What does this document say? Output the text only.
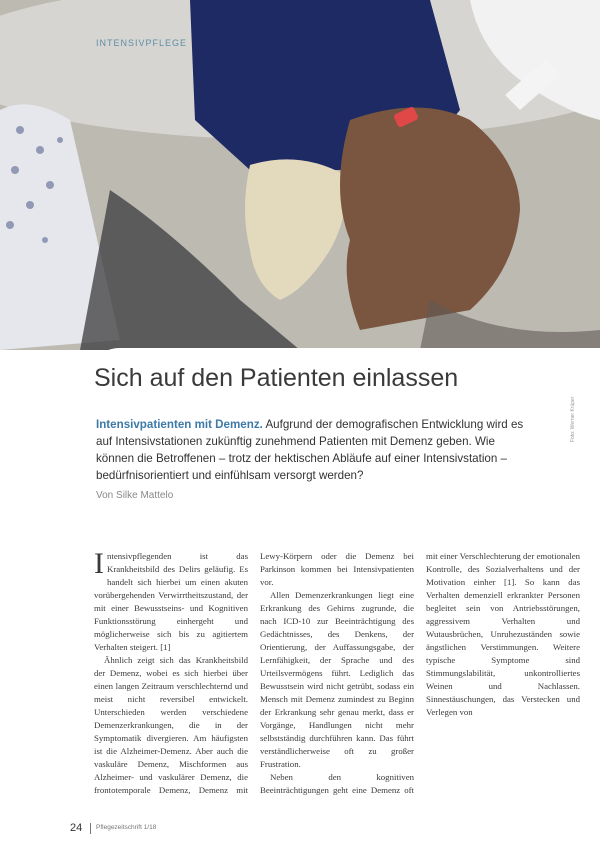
INTENSIVPFLEGE
Sich auf den Patienten einlassen

Intensivpatienten mit Demenz. Aufgrund der demografischen Entwicklung wird es auf Intensivstationen zukünftig zunehmend Patienten mit Demenz geben. Wie können die Betroffenen – trotz der hektischen Abläufe auf einer Intensivstation – bedürfnisorientiert und einfühlsam versorgt werden?

Von Silke Mattelo

Foto: Werner Krüper

Intensivpflegenden ist das Krankheitsbild des Delirs geläufig. Es handelt sich hierbei um einen akuten vorübergehenden Verwirrtheitszustand, der mit einer Bewusstseins- und Kognitiven Funktionsstörung einhergeht und möglicherweise sich bis zu agitiertem Verhalten steigert. [1]

Ähnlich zeigt sich das Krankheitsbild der Demenz, wobei es sich hierbei über einen langen Zeitraum verschlechternd und meist nicht reversibel entwickelt. Unterschieden werden verschiedene Demenzerkrankungen, die in der Symptomatik divergieren. Am häufigsten ist die Alzheimer-Demenz. Aber auch die vaskuläre Demenz, Mischformen aus Alzheimer- und vaskulärer Demenz, die frontotemporale Demenz, Demenz mit Lewy-Körpern oder die Demenz bei Parkinson kommen bei Intensivpatienten vor.

Allen Demenzerkrankungen liegt eine Erkrankung des Gehirns zugrunde, die nach ICD-10 zur Beeinträchtigung des Gedächtnisses, des Denkens, der Orientierung, der Auffassungsgabe, der Lernfähigkeit, der Sprache und des Urteilsvermögens führt. Lediglich das Bewusstsein wird nicht getrübt, sodass ein Mensch mit Demenz zumindest zu Beginn der Erkrankung sehr genau merkt, dass er Vorgänge, Handlungen nicht mehr selbstständig durchführen kann. Das führt verständlicherweise oft zu großer Frustration.

Neben den kognitiven Beeinträchtigungen geht eine Demenz oft mit einer Verschlechterung der emotionalen Kontrolle, des Sozialverhaltens und der Motivation einher [1]. So kann das Verhalten demenziell erkrankter Personen begleitet sein von Antriebsstörungen, aggressivem Verhalten und Wutausbrüchen, Unruhezuständen sowie ängstlichen Verstimmungen. Weitere typische Symptome sind Stimmungslabilität, unkontrolliertes Weinen und Nachlassen. Sinnestäuschungen, das Verstecken und Verlegen von

24 Pflegezeitschrift 1/18
